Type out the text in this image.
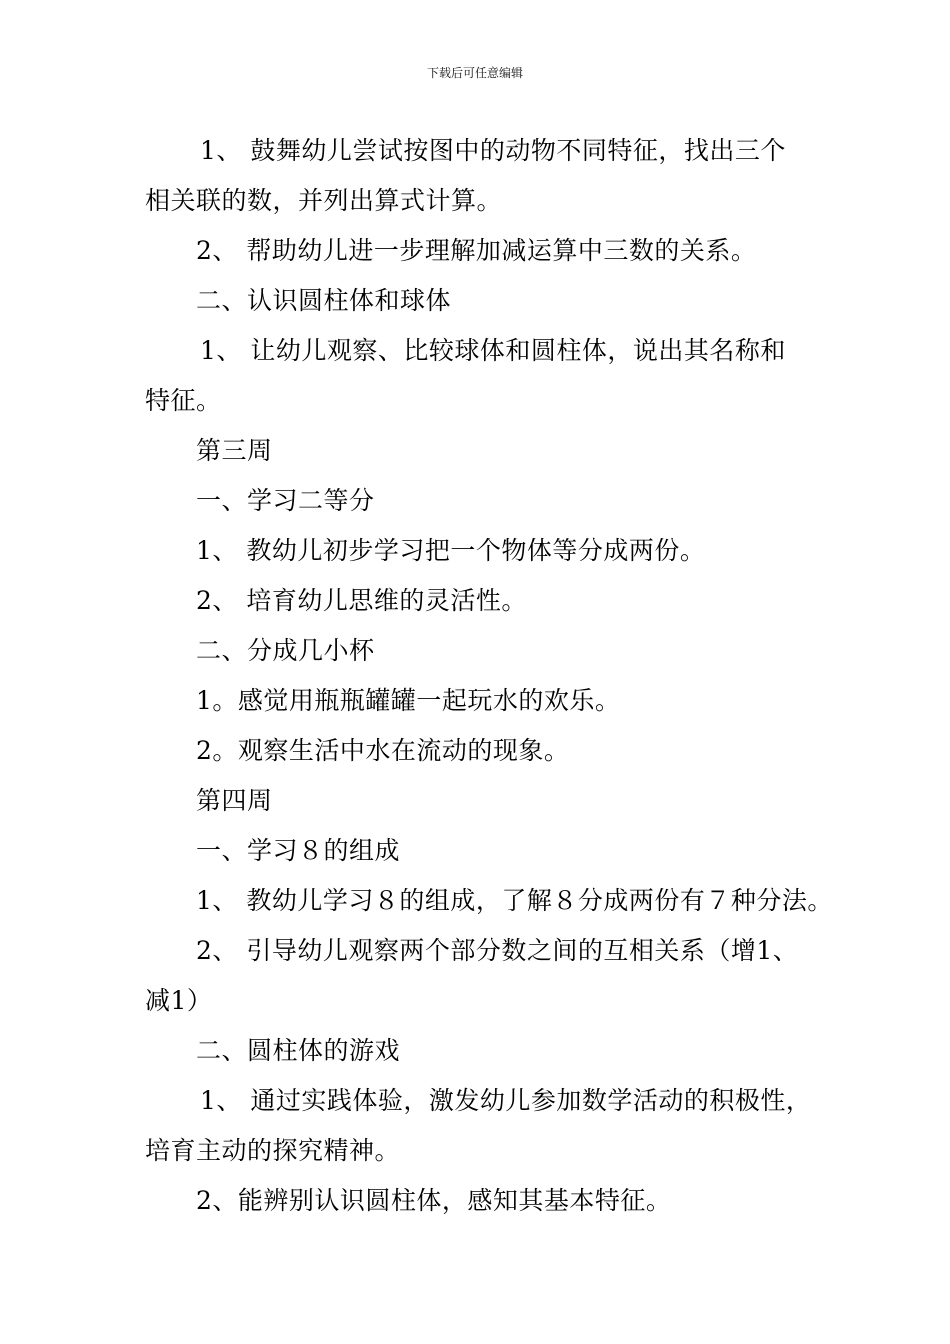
下载后可任意编辑
1、 鼓舞幼儿尝试按图中的动物不同特征，找出三个
相关联的数，并列出算式计算。
2、 帮助幼儿进一步理解加减运算中三数的关系。
二、认识圆柱体和球体
1、 让幼儿观察、比较球体和圆柱体，说出其名称和
特征。
第三周
一、学习二等分
1、 教幼儿初步学习把一个物体等分成两份。
2、 培育幼儿思维的灵活性。
二、分成几小杯
1。感觉用瓶瓶罐罐一起玩水的欢乐。
2。观察生活中水在流动的现象。
第四周
一、学习８的组成
1、 教幼儿学习８的组成，了解８分成两份有７种分法。
2、 引导幼儿观察两个部分数之间的互相关系（增1、
减1）
二、圆柱体的游戏
1、 通过实践体验，激发幼儿参加数学活动的积极性，
培育主动的探究精神。
2、能辨别认识圆柱体，感知其基本特征。
